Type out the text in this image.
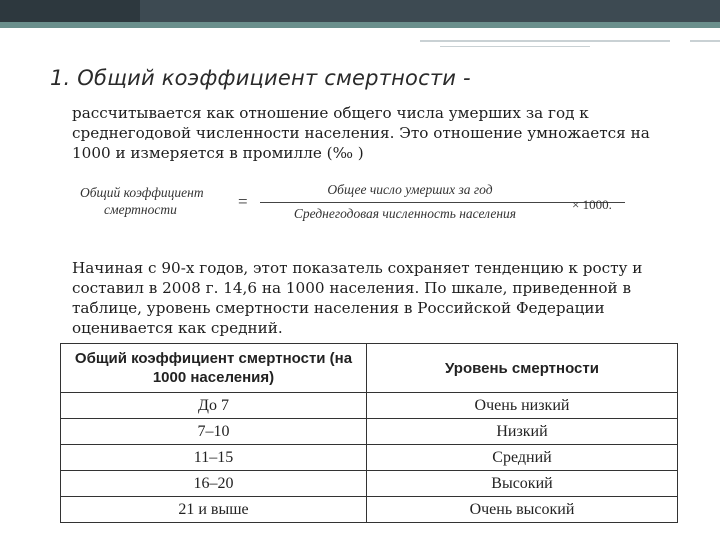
1. Общий коэффициент смертности -
рассчитывается как отношение общего числа умерших за год к среднегодовой численности населения. Это отношение умножается на 1000 и измеряется в промилле (‰ )
Общий коэффициент
смертности	=
Общее число умерших за год
Среднегодовая численность населения
× 1000.
Начиная с 90-х годов, этот показатель сохраняет тенденцию к росту и составил в 2008 г. 14,6 на 1000 населения. По шкале, приведенной в таблице, уровень смертности населения в Российской Федерации оценивается как средний.
Общий коэффициент смертности (на 1000 населения)	Уровень смертности
До 7	Очень низкий
7–10	Низкий
11–15	Средний
16–20	Высокий
21 и выше	Очень высокий
